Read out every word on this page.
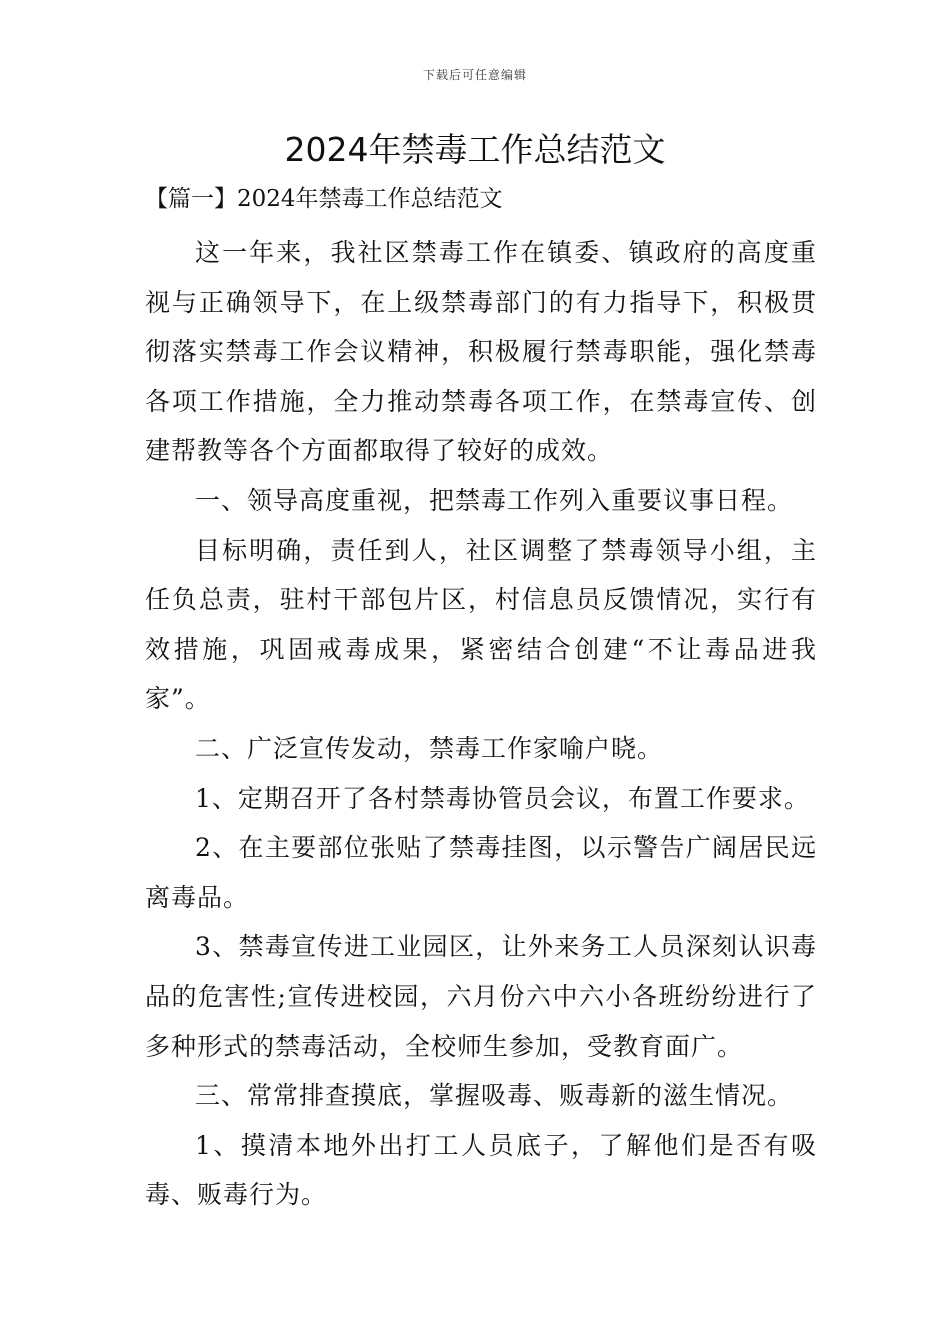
下载后可任意编辑
2024年禁毒工作总结范文
【篇一】2024年禁毒工作总结范文

这一年来，我社区禁毒工作在镇委、镇政府的高度重视与正确领导下，在上级禁毒部门的有力指导下，积极贯彻落实禁毒工作会议精神，积极履行禁毒职能，强化禁毒各项工作措施，全力推动禁毒各项工作，在禁毒宣传、创建帮教等各个方面都取得了较好的成效。

一、领导高度重视，把禁毒工作列入重要议事日程。

目标明确，责任到人，社区调整了禁毒领导小组，主任负总责，驻村干部包片区，村信息员反馈情况，实行有效措施，巩固戒毒成果，紧密结合创建“不让毒品进我家”。

二、广泛宣传发动，禁毒工作家喻户晓。

1、定期召开了各村禁毒协管员会议，布置工作要求。

2、在主要部位张贴了禁毒挂图，以示警告广阔居民远离毒品。

3、禁毒宣传进工业园区，让外来务工人员深刻认识毒品的危害性;宣传进校园，六月份六中六小各班纷纷进行了多种形式的禁毒活动，全校师生参加，受教育面广。

三、常常排查摸底，掌握吸毒、贩毒新的滋生情况。

1、摸清本地外出打工人员底子，了解他们是否有吸毒、贩毒行为。
